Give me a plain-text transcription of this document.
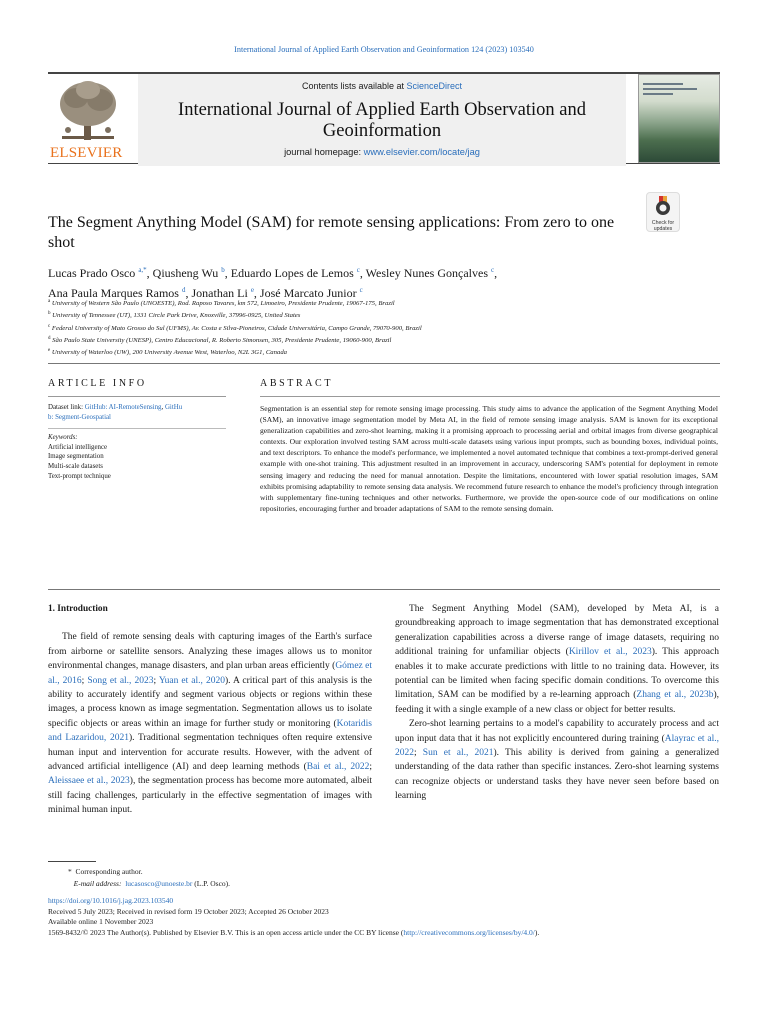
International Journal of Applied Earth Observation and Geoinformation 124 (2023) 103540
ELSEVIER
Contents lists available at ScienceDirect
International Journal of Applied Earth Observation and Geoinformation
journal homepage: www.elsevier.com/locate/jag
Check for
updates
The Segment Anything Model (SAM) for remote sensing applications: From zero to one shot
Lucas Prado Osco $^{a,*}$, Qiusheng Wu $^b$, Eduardo Lopes de Lemos $^c$, Wesley Nunes Gonçalves $^c$,
Ana Paula Marques Ramos $^d$, Jonathan Li $^e$, José Marcato Junior $^c$
$^a$ University of Western São Paulo (UNOESTE), Rod. Raposo Tavares, km 572, Limoeiro, Presidente Prudente, 19067-175, Brazil
$^b$ University of Tennessee (UT), 1331 Circle Park Drive, Knoxville, 37996-0925, United States
$^c$ Federal University of Mato Grosso do Sul (UFMS), Av. Costa e Silva-Pioneiros, Cidade Universitária, Campo Grande, 79070-900, Brazil
$^d$ São Paulo State University (UNESP), Centro Educacional, R. Roberto Simonsen, 305, Presidente Prudente, 19060-900, Brazil
$^e$ University of Waterloo (UW), 200 University Avenue West, Waterloo, N2L 3G1, Canada
ARTICLE INFO	ABSTRACT
Dataset link: GitHub: AI-RemoteSensing, GitHu
b: Segment-Geospatial
Keywords:
Artificial intelligence
Image segmentation
Multi-scale datasets
Text-prompt technique
Segmentation is an essential step for remote sensing image processing. This study aims to advance the application of the Segment Anything Model (SAM), an innovative image segmentation model by Meta AI, in the field of remote sensing image analysis. SAM is known for its exceptional generalization capabilities and zero-shot learning, making it a promising approach to processing aerial and orbital images from diverse geographical contexts. Our exploration involved testing SAM across multi-scale datasets using various input prompts, such as bounding boxes, individual points, and text descriptors. To enhance the model's performance, we implemented a novel automated technique that combines a text-prompt-derived general example with one-shot training. This adjustment resulted in an improvement in accuracy, underscoring SAM's potential for deployment in remote sensing imagery and reducing the need for manual annotation. Despite the limitations, encountered with lower spatial resolution images, SAM exhibits promising adaptability to remote sensing data analysis. We recommend future research to enhance the model's proficiency through integration with supplementary fine-tuning techniques and other networks. Furthermore, we provide the open-source code of our modifications on online repositories, encouraging further and broader adaptations of SAM to the remote sensing domain.
1. Introduction

The field of remote sensing deals with capturing images of the Earth's surface from airborne or satellite sensors. Analyzing these images allows us to monitor environmental changes, manage disasters, and plan urban areas efficiently (Gómez et al., 2016; Song et al., 2023; Yuan et al., 2020). A critical part of this analysis is the ability to accurately identify and segment various objects or regions within these images, a process known as image segmentation. Segmentation allows us to isolate specific objects or areas within an image for further study or monitoring (Kotaridis and Lazaridou, 2021). Traditional segmentation techniques often require extensive human input and intervention for accurate results. However, with the advent of advanced artificial intelligence (AI) and deep learning methods (Bai et al., 2022; Aleissaee et al., 2023), the segmentation process has become more automated, albeit still facing challenges, particularly in the effective segmentation of images with minimal human input.

The Segment Anything Model (SAM), developed by Meta AI, is a groundbreaking approach to image segmentation that has demonstrated exceptional generalization capabilities across a diverse range of image datasets, requiring no additional training for unfamiliar objects (Kirillov et al., 2023). This approach enables it to make accurate predictions with little to no training data. However, its potential can be limited when facing specific domain conditions. To overcome this limitation, SAM can be modified by a re-learning approach (Zhang et al., 2023b), feeding it with a single example of a new class or object for better results.

Zero-shot learning pertains to a model's capability to accurately process and act upon input data that it has not explicitly encountered during training (Alayrac et al., 2022; Sun et al., 2021). This ability is derived from gaining a generalized understanding of the data rather than specific instances. Zero-shot learning systems can recognize objects or understand tasks they have never seen before based on learning

* Corresponding author.
E-mail address: lucasosco@unoeste.br (L.P. Osco).
https://doi.org/10.1016/j.jag.2023.103540
Received 5 July 2023; Received in revised form 19 October 2023; Accepted 26 October 2023
Available online 1 November 2023
1569-8432/© 2023 The Author(s). Published by Elsevier B.V. This is an open access article under the CC BY license (http://creativecommons.org/licenses/by/4.0/).
